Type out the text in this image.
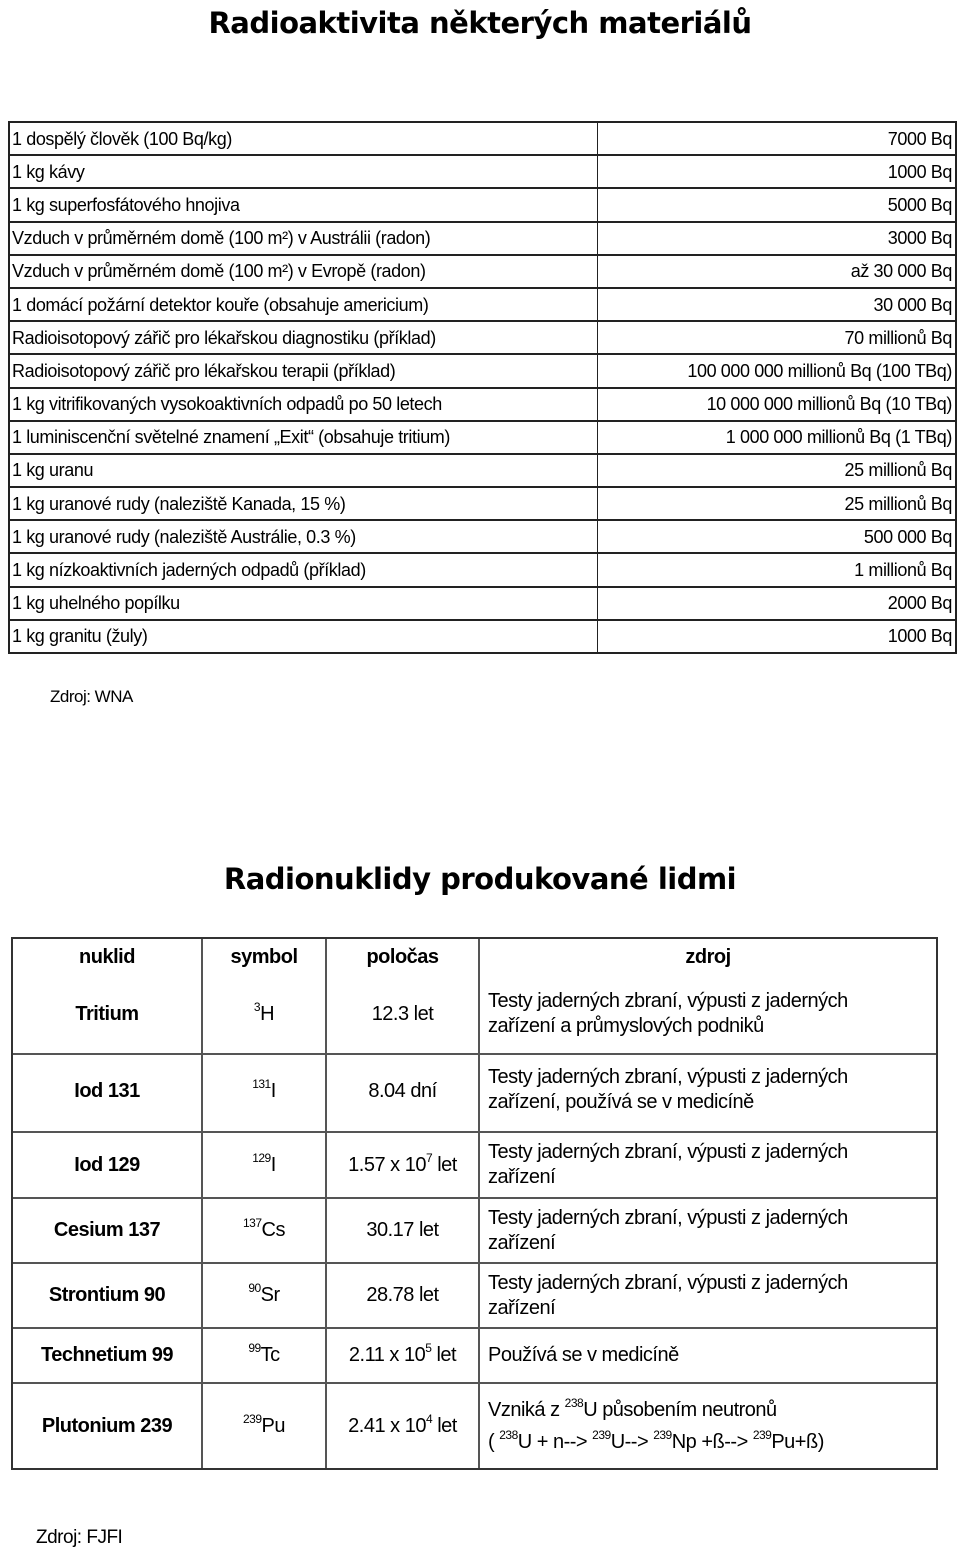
Radioaktivita některých materiálů
1 dospělý člověk (100 Bq/kg)	7000 Bq
1 kg kávy	1000 Bq
1 kg superfosfátového hnojiva	5000 Bq
Vzduch v průměrném domě (100 m²) v Austrálii (radon)	3000 Bq
Vzduch v průměrném domě (100 m²) v Evropě (radon)	až 30 000 Bq
1 domácí požární detektor kouře (obsahuje americium)	30 000 Bq
Radioisotopový zářič pro lékařskou diagnostiku (příklad)	70 millionů Bq
Radioisotopový zářič pro lékařskou terapii (příklad)	100 000 000 millionů Bq (100 TBq)
1 kg vitrifikovaných vysokoaktivních odpadů po 50 letech	10 000 000 millionů Bq (10 TBq)
1 luminiscenční světelné znamení „Exit“ (obsahuje tritium)	1 000 000 millionů Bq (1 TBq)
1 kg uranu	25 millionů Bq
1 kg uranové rudy (naleziště Kanada, 15 %)	25 millionů Bq
1 kg uranové rudy (naleziště Austrálie, 0.3 %)	500 000 Bq
1 kg nízkoaktivních jaderných odpadů (příklad)	1 millionů Bq
1 kg uhelného popílku	2000 Bq
1 kg granitu (žuly)	1000 Bq
Zdroj: WNA
Radionuklidy produkované lidmi
nuklid	symbol	poločas	zdroj
Tritium	$^3$H	12.3 let	Testy jaderných zbraní, výpusti z jaderných
zařízení a průmyslových podniků
Iod 131	$^{131}$I	8.04 dní	Testy jaderných zbraní, výpusti z jaderných
zařízení, používá se v medicíně
Iod 129	$^{129}$I	1.57 x $10^7$ let	Testy jaderných zbraní, výpusti z jaderných
zařízení
Cesium 137	$^{137}$Cs	30.17 let	Testy jaderných zbraní, výpusti z jaderných
zařízení
Strontium 90	$^{90}$Sr	28.78 let	Testy jaderných zbraní, výpusti z jaderných
zařízení
Technetium 99	$^{99}$Tc	2.11 x $10^5$ let	Používá se v medicíně
Plutonium 239	$^{239}$Pu	2.41 x $10^4$ let	Vzniká z $^{238}$U působením neutronů
( $^{238}$U + n--> $^{239}$U--> $^{239}$Np +ß--> $^{239}$Pu+ß)
Zdroj: FJFI
